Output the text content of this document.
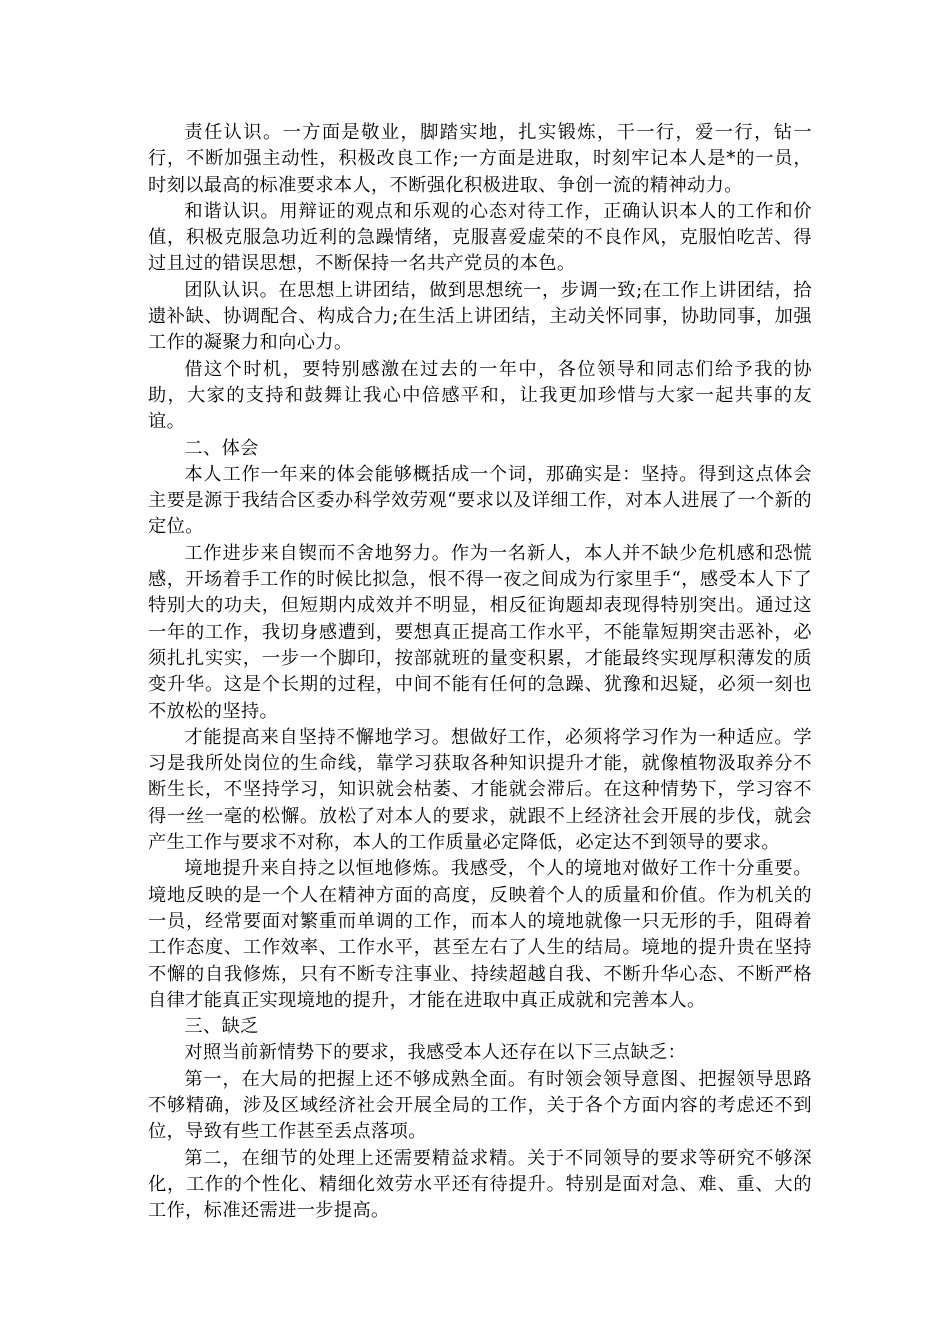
责任认识。一方面是敬业，脚踏实地，扎实锻炼，干一行，爱一行，钻一行，不断加强主动性，积极改良工作;一方面是进取，时刻牢记本人是*的一员，时刻以最高的标准要求本人，不断强化积极进取、争创一流的精神动力。

和谐认识。用辩证的观点和乐观的心态对待工作，正确认识本人的工作和价值，积极克服急功近利的急躁情绪，克服喜爱虚荣的不良作风，克服怕吃苦、得过且过的错误思想，不断保持一名共产党员的本色。

团队认识。在思想上讲团结，做到思想统一，步调一致;在工作上讲团结，拾遗补缺、协调配合、构成合力;在生活上讲团结，主动关怀同事，协助同事，加强工作的凝聚力和向心力。

借这个时机，要特别感激在过去的一年中，各位领导和同志们给予我的协助，大家的支持和鼓舞让我心中倍感平和，让我更加珍惜与大家一起共事的友谊。

二、体会

本人工作一年来的体会能够概括成一个词，那确实是：坚持。得到这点体会主要是源于我结合区委办科学效劳观“要求以及详细工作，对本人进展了一个新的定位。

工作进步来自锲而不舍地努力。作为一名新人，本人并不缺少危机感和恐慌感，开场着手工作的时候比拟急，恨不得一夜之间成为行家里手“，感受本人下了特别大的功夫，但短期内成效并不明显，相反征询题却表现得特别突出。通过这一年的工作，我切身感遭到，要想真正提高工作水平，不能靠短期突击恶补，必须扎扎实实，一步一个脚印，按部就班的量变积累，才能最终实现厚积薄发的质变升华。这是个长期的过程，中间不能有任何的急躁、犹豫和迟疑，必须一刻也不放松的坚持。

才能提高来自坚持不懈地学习。想做好工作，必须将学习作为一种适应。学习是我所处岗位的生命线，靠学习获取各种知识提升才能，就像植物汲取养分不断生长，不坚持学习，知识就会枯萎、才能就会滞后。在这种情势下，学习容不得一丝一毫的松懈。放松了对本人的要求，就跟不上经济社会开展的步伐，就会产生工作与要求不对称，本人的工作质量必定降低，必定达不到领导的要求。

境地提升来自持之以恒地修炼。我感受，个人的境地对做好工作十分重要。境地反映的是一个人在精神方面的高度，反映着个人的质量和价值。作为机关的一员，经常要面对繁重而单调的工作，而本人的境地就像一只无形的手，阻碍着工作态度、工作效率、工作水平，甚至左右了人生的结局。境地的提升贵在坚持不懈的自我修炼，只有不断专注事业、持续超越自我、不断升华心态、不断严格自律才能真正实现境地的提升，才能在进取中真正成就和完善本人。

三、缺乏

对照当前新情势下的要求，我感受本人还存在以下三点缺乏：

第一，在大局的把握上还不够成熟全面。有时领会领导意图、把握领导思路不够精确，涉及区域经济社会开展全局的工作，关于各个方面内容的考虑还不到位，导致有些工作甚至丢点落项。

第二，在细节的处理上还需要精益求精。关于不同领导的要求等研究不够深化，工作的个性化、精细化效劳水平还有待提升。特别是面对急、难、重、大的工作，标准还需进一步提高。
